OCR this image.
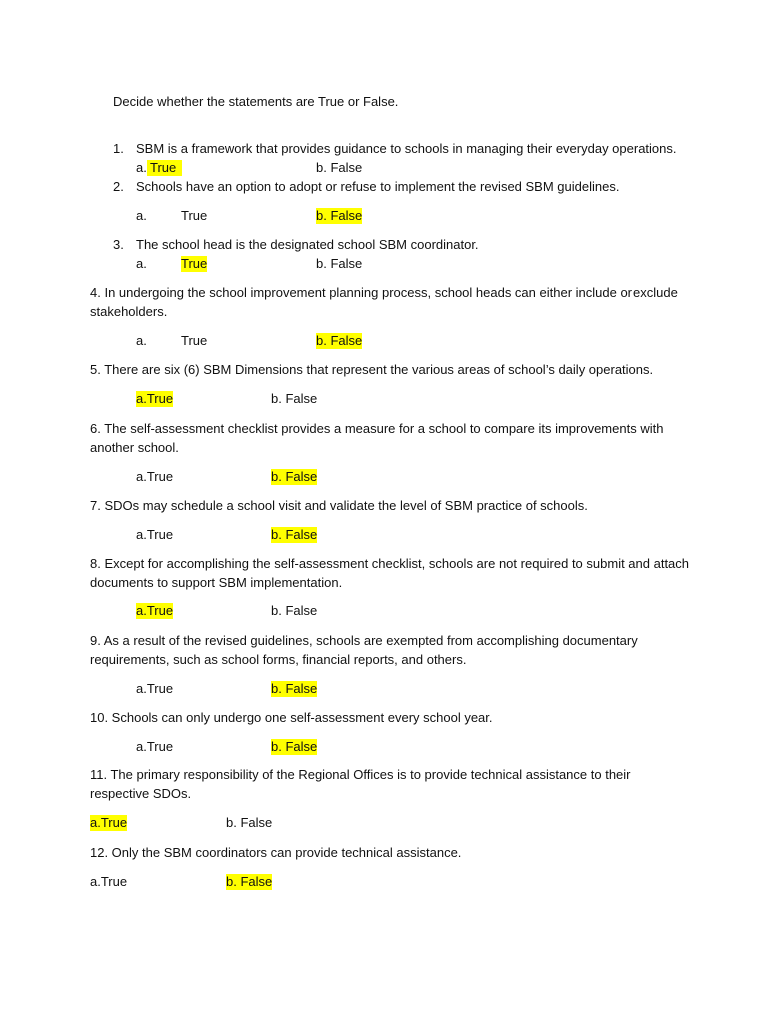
Decide whether the statements are True or False.
1. SBM is a framework that provides guidance to schools in managing their everyday operations.
a. True	b. False
2. Schools have an option to adopt or refuse to implement the revised SBM guidelines.
a.	True	b. False
3. The school head is the designated school SBM coordinator.
a.	True	b. False
4. In undergoing the school improvement planning process, school heads can either include or exclude
stakeholders.
a.	True	b. False
5. There are six (6) SBM Dimensions that represent the various areas of school’s daily operations.
a.True	b. False
6. The self-assessment checklist provides a measure for a school to compare its improvements with
another school.
a.True	b. False
7. SDOs may schedule a school visit and validate the level of SBM practice of schools.
a.True	b. False
8. Except for accomplishing the self-assessment checklist, schools are not required to submit and attach
documents to support SBM implementation.
a.True	b. False
9. As a result of the revised guidelines, schools are exempted from accomplishing documentary
requirements, such as school forms, financial reports, and others.
a.True	b. False
10. Schools can only undergo one self-assessment every school year.
a.True	b. False
11. The primary responsibility of the Regional Offices is to provide technical assistance to their
respective SDOs.
a.True	b. False
12. Only the SBM coordinators can provide technical assistance.
a.True	b. False
